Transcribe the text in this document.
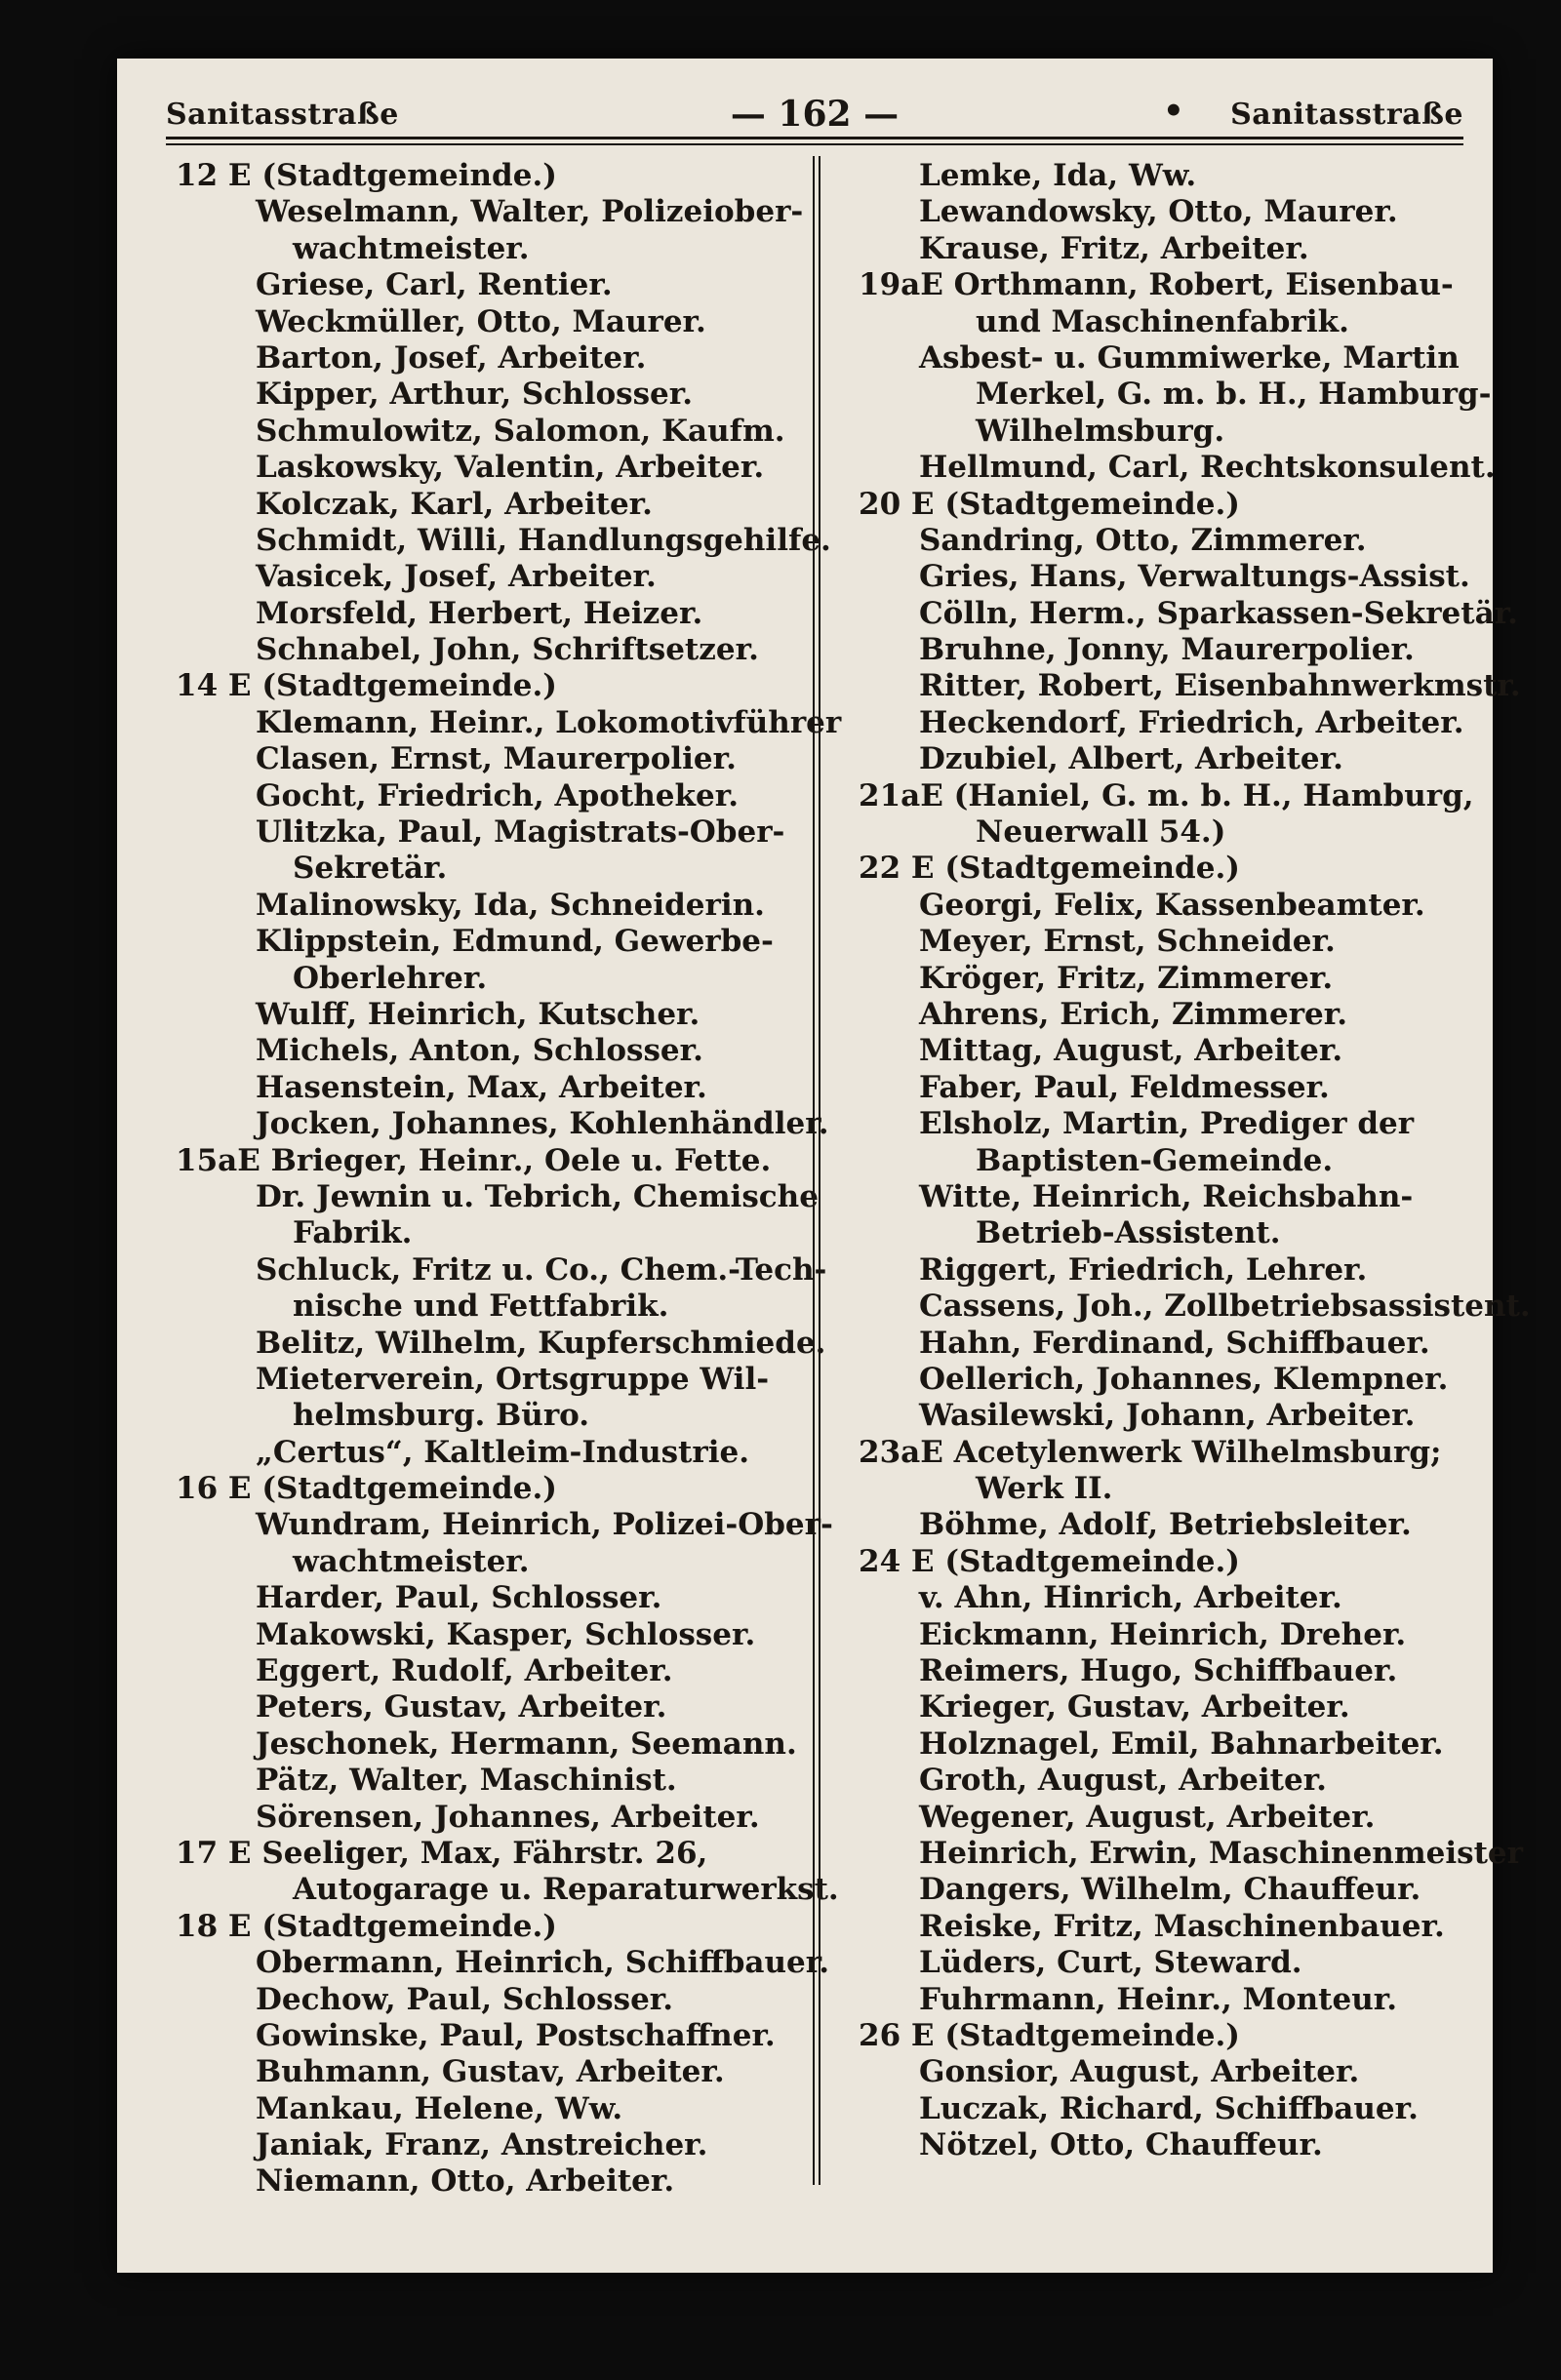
Sanitasstraße	— 162 —	• Sanitasstraße
12 E (Stadtgemeinde.)
Weselmann, Walter, Polizeiober-
wachtmeister.
Griese, Carl, Rentier.
Weckmüller, Otto, Maurer.
Barton, Josef, Arbeiter.
Kipper, Arthur, Schlosser.
Schmulowitz, Salomon, Kaufm.
Laskowsky, Valentin, Arbeiter.
Kolczak, Karl, Arbeiter.
Schmidt, Willi, Handlungsgehilfe.
Vasicek, Josef, Arbeiter.
Morsfeld, Herbert, Heizer.
Schnabel, John, Schriftsetzer.
14 E (Stadtgemeinde.)
Klemann, Heinr., Lokomotivführer
Clasen, Ernst, Maurerpolier.
Gocht, Friedrich, Apotheker.
Ulitzka, Paul, Magistrats-Ober-
Sekretär.
Malinowsky, Ida, Schneiderin.
Klippstein, Edmund, Gewerbe-
Oberlehrer.
Wulff, Heinrich, Kutscher.
Michels, Anton, Schlosser.
Hasenstein, Max, Arbeiter.
Jocken, Johannes, Kohlenhändler.
15aE Brieger, Heinr., Oele u. Fette.
Dr. Jewnin u. Tebrich, Chemische
Fabrik.
Schluck, Fritz u. Co., Chem.-Tech-
nische und Fettfabrik.
Belitz, Wilhelm, Kupferschmiede.
Mieterverein, Ortsgruppe Wil-
helmsburg. Büro.
„Certus“, Kaltleim-Industrie.
16 E (Stadtgemeinde.)
Wundram, Heinrich, Polizei-Ober-
wachtmeister.
Harder, Paul, Schlosser.
Makowski, Kasper, Schlosser.
Eggert, Rudolf, Arbeiter.
Peters, Gustav, Arbeiter.
Jeschonek, Hermann, Seemann.
Pätz, Walter, Maschinist.
Sörensen, Johannes, Arbeiter.
17 E Seeliger, Max, Fährstr. 26,
Autogarage u. Reparaturwerkst.
18 E (Stadtgemeinde.)
Obermann, Heinrich, Schiffbauer.
Dechow, Paul, Schlosser.
Gowinske, Paul, Postschaffner.
Buhmann, Gustav, Arbeiter.
Mankau, Helene, Ww.
Janiak, Franz, Anstreicher.
Niemann, Otto, Arbeiter.
Lemke, Ida, Ww.
Lewandowsky, Otto, Maurer.
Krause, Fritz, Arbeiter.
19aE Orthmann, Robert, Eisenbau-
und Maschinenfabrik.
Asbest- u. Gummiwerke, Martin
Merkel, G. m. b. H., Hamburg-
Wilhelmsburg.
Hellmund, Carl, Rechtskonsulent.
20 E (Stadtgemeinde.)
Sandring, Otto, Zimmerer.
Gries, Hans, Verwaltungs-Assist.
Cölln, Herm., Sparkassen-Sekretär.
Bruhne, Jonny, Maurerpolier.
Ritter, Robert, Eisenbahnwerkmstr.
Heckendorf, Friedrich, Arbeiter.
Dzubiel, Albert, Arbeiter.
21aE (Haniel, G. m. b. H., Hamburg,
Neuerwall 54.)
22 E (Stadtgemeinde.)
Georgi, Felix, Kassenbeamter.
Meyer, Ernst, Schneider.
Kröger, Fritz, Zimmerer.
Ahrens, Erich, Zimmerer.
Mittag, August, Arbeiter.
Faber, Paul, Feldmesser.
Elsholz, Martin, Prediger der
Baptisten-Gemeinde.
Witte, Heinrich, Reichsbahn-
Betrieb-Assistent.
Riggert, Friedrich, Lehrer.
Cassens, Joh., Zollbetriebsassistent.
Hahn, Ferdinand, Schiffbauer.
Oellerich, Johannes, Klempner.
Wasilewski, Johann, Arbeiter.
23aE Acetylenwerk Wilhelmsburg;
Werk II.
Böhme, Adolf, Betriebsleiter.
24 E (Stadtgemeinde.)
v. Ahn, Hinrich, Arbeiter.
Eickmann, Heinrich, Dreher.
Reimers, Hugo, Schiffbauer.
Krieger, Gustav, Arbeiter.
Holznagel, Emil, Bahnarbeiter.
Groth, August, Arbeiter.
Wegener, August, Arbeiter.
Heinrich, Erwin, Maschinenmeister
Dangers, Wilhelm, Chauffeur.
Reiske, Fritz, Maschinenbauer.
Lüders, Curt, Steward.
Fuhrmann, Heinr., Monteur.
26 E (Stadtgemeinde.)
Gonsior, August, Arbeiter.
Luczak, Richard, Schiffbauer.
Nötzel, Otto, Chauffeur.
